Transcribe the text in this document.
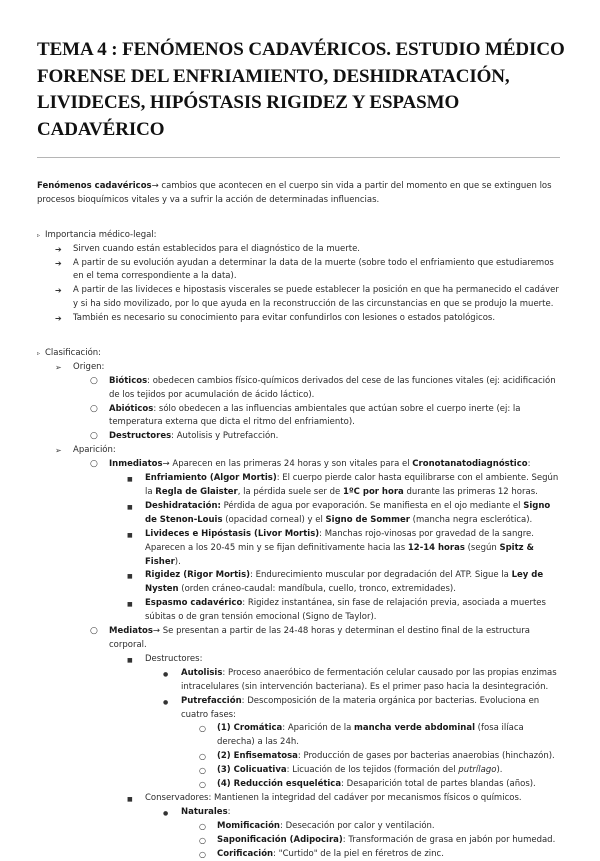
TEMA 4 : FENÓMENOS CADAVÉRICOS. ESTUDIO MÉDICO FORENSE DEL ENFRIAMIENTO, DESHIDRATACIÓN, LIVIDECES, HIPÓSTASIS RIGIDEZ Y ESPASMO CADAVÉRICO

Fenómenos cadavéricos→ cambios que acontecen en el cuerpo sin vida a partir del momento en que se extinguen los procesos bioquímicos vitales y va a sufrir la acción de determinadas influencias.

▹ Importancia médico-legal:
➔ Sirven cuando están establecidos para el diagnóstico de la muerte.
➔ A partir de su evolución ayudan a determinar la data de la muerte (sobre todo el enfriamiento que estudiaremos en el tema correspondiente a la data).
➔ A partir de las livideces e hipostasis viscerales se puede establecer la posición en que ha permanecido el cadáver y si ha sido movilizado, por lo que ayuda en la reconstrucción de las circunstancias en que se produjo la muerte.
➔ También es necesario su conocimiento para evitar confundirlos con lesiones o estados patológicos.
▹ Clasificación:
➢ Origen:
○ Bióticos: obedecen cambios físico-químicos derivados del cese de las funciones vitales (ej: acidificación de los tejidos por acumulación de ácido láctico).
○ Abióticos: sólo obedecen a las influencias ambientales que actúan sobre el cuerpo inerte (ej: la temperatura externa que dicta el ritmo del enfriamiento).
○ Destructores: Autolisis y Putrefacción.
➢ Aparición:
○ Inmediatos→ Aparecen en las primeras 24 horas y son vitales para el Cronotanatodiagnóstico:
■ Enfriamiento (Algor Mortis): El cuerpo pierde calor hasta equilibrarse con el ambiente. Según la Regla de Glaister, la pérdida suele ser de 1ºC por hora durante las primeras 12 horas.
■ Deshidratación: Pérdida de agua por evaporación. Se manifiesta en el ojo mediante el Signo de Stenon-Louis (opacidad corneal) y el Signo de Sommer (mancha negra esclerótica).
■ Livideces e Hipóstasis (Livor Mortis): Manchas rojo-vinosas por gravedad de la sangre. Aparecen a los 20-45 min y se fijan definitivamente hacia las 12-14 horas (según Spitz & Fisher).
■ Rigidez (Rigor Mortis): Endurecimiento muscular por degradación del ATP. Sigue la Ley de Nysten (orden cráneo-caudal: mandíbula, cuello, tronco, extremidades).
■ Espasmo cadavérico: Rigidez instantánea, sin fase de relajación previa, asociada a muertes súbitas o de gran tensión emocional (Signo de Taylor).
○ Mediatos→ Se presentan a partir de las 24-48 horas y determinan el destino final de la estructura corporal.
■ Destructores:
● Autolisis: Proceso anaeróbico de fermentación celular causado por las propias enzimas intracelulares (sin intervención bacteriana). Es el primer paso hacia la desintegración.
● Putrefacción: Descomposición de la materia orgánica por bacterias. Evoluciona en cuatro fases:
○ (1) Cromática: Aparición de la mancha verde abdominal (fosa ilíaca derecha) a las 24h.
○ (2) Enfisematosa: Producción de gases por bacterias anaerobias (hinchazón).
○ (3) Colicuativa: Licuación de los tejidos (formación del putrílago).
○ (4) Reducción esquelética: Desaparición total de partes blandas (años).
■ Conservadores: Mantienen la integridad del cadáver por mecanismos físicos o químicos.
● Naturales:
○ Momificación: Desecación por calor y ventilación.
○ Saponificación (Adipocira): Transformación de grasa en jabón por humedad.
○ Corificación: "Curtido" de la piel en féretros de zinc.
